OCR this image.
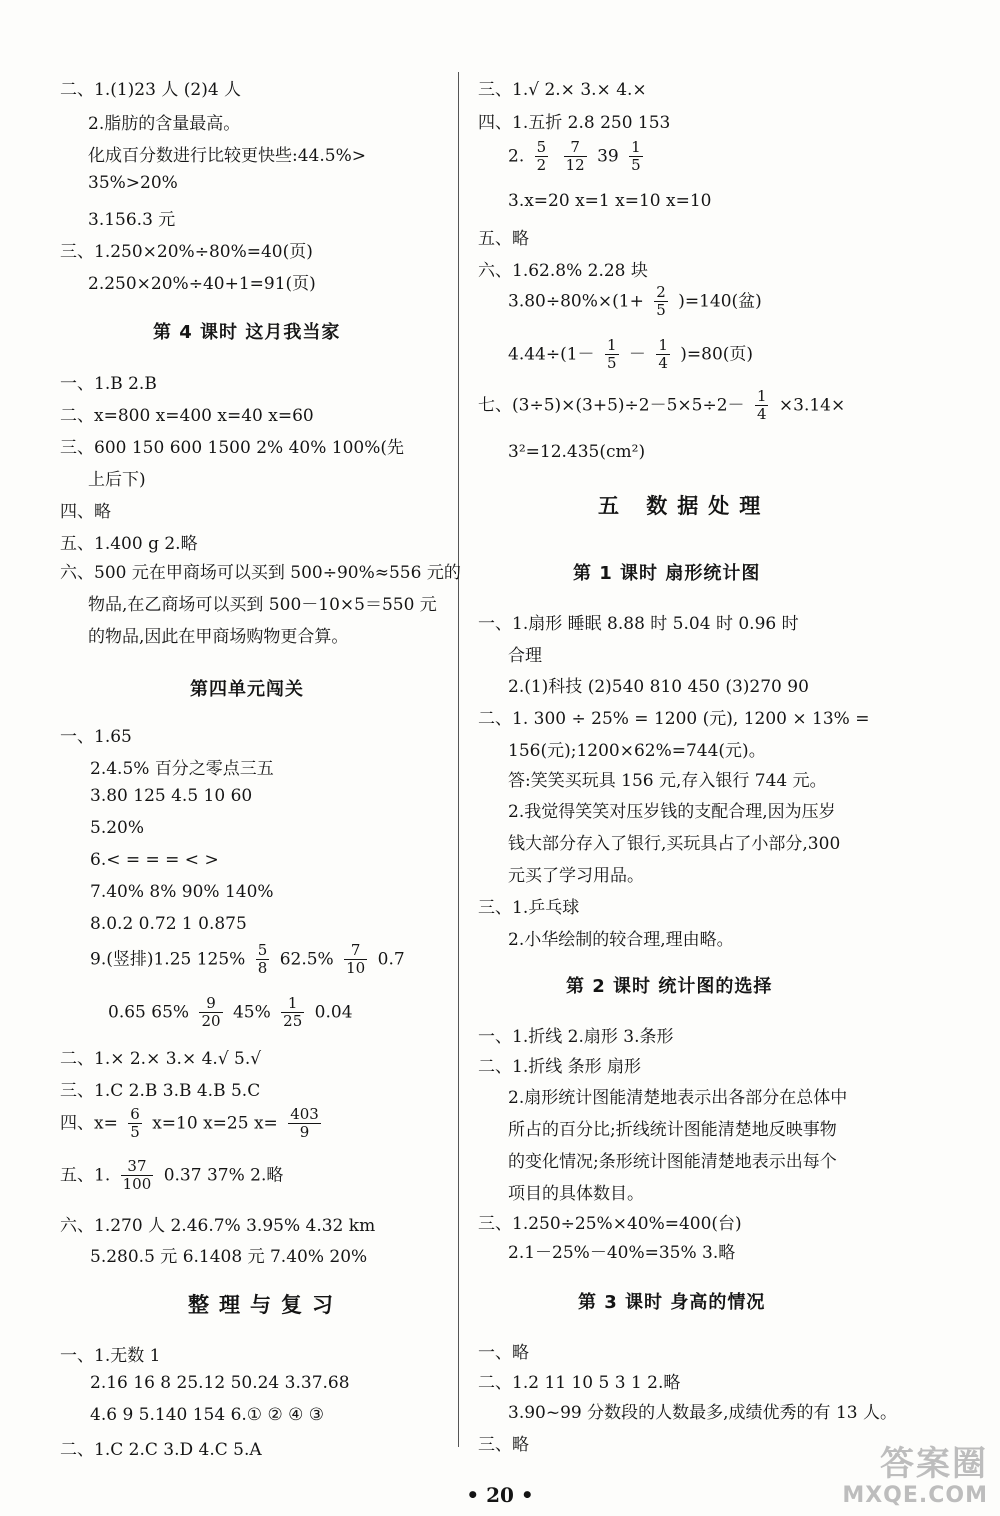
二、1.(1)23 人 (2)4 人
2.脂肪的含量最高。
化成百分数进行比较更快些:44.5%>
35%>20%
3.156.3 元
三、1.250×20%÷80%=40(页)
2.250×20%÷40+1=91(页)
第 4 课时 这月我当家
一、1.B 2.B
二、x=800 x=400 x=40 x=60
三、600 150 600 1500 2% 40% 100%(先
上后下)
四、略
五、1.400 g 2.略
六、500 元在甲商场可以买到 500÷90%≈556 元的
物品,在乙商场可以买到 500－10×5＝550 元
的物品,因此在甲商场购物更合算。
第四单元闯关
一、1.65
2.4.5% 百分之零点三五
3.80 125 4.5 10 60
5.20%
6.< = = = < >
7.40% 8% 90% 140%
8.0.2 0.72 1 0.875
9.(竖排)1.25 $125\% \frac{5}{8} 62.5\% \frac{7}{10} 0.7$
0.65 $65\% \frac{9}{20} 45\% \frac{1}{25} 0.04$
二、1.× 2.× 3.× 4.√ 5.√
三、1.C 2.B 3.B 4.B 5.C
四、$x= \frac{6}{5} x=10$ x=25 $x= \frac{403}{9}$
五、1. $\frac{37}{100} 0.37$ 37% 2.略
六、1.270 人 2.46.7% 3.95% 4.32 km
5.280.5 元 6.1408 元 7.40% 20%
整理与复习
一、1.无数 1
2.16 16 8 25.12 50.24 3.37.68
4.6 9 5.140 154 6.① ② ④ ③
二、1.C 2.C 3.D 4.C 5.A
三、1.√ 2.× 3.× 4.×
四、1.五折 2.8 250 153
2. $\frac{5}{2}$
$\frac{7}{12} 39 \frac{1}{5}$
3.x=20 x=1 x=10 x=10
五、略
六、1.62.8% 2.28 块
$3.80\div 80\%\times(1+ \frac{2}{5} )=140$(盆)
$4.44\div(1- \frac{1}{5} - \frac{1}{4} )=80$(页)
七、$(3\div 5)\times(3+5)\div 2-5\times 5\div 2- \frac{1}{4} \times 3.14\times$
3²=12.435(cm²)
五 数据处理
第 1 课时 扇形统计图
一、1.扇形 睡眠 8.88 时 5.04 时 0.96 时
合理
2.(1)科技 (2)540 810 450 (3)270 90
二、1. 300 ÷ 25% = 1200 (元), 1200 × 13% =
156(元);1200×62%=744(元)。
答:笑笑买玩具 156 元,存入银行 744 元。
2.我觉得笑笑对压岁钱的支配合理,因为压岁
钱大部分存入了银行,买玩具占了小部分,300
元买了学习用品。
三、1.乒乓球
2.小华绘制的较合理,理由略。
第 2 课时 统计图的选择
一、1.折线 2.扇形 3.条形
二、1.折线 条形 扇形
2.扇形统计图能清楚地表示出各部分在总体中
所占的百分比;折线统计图能清楚地反映事物
的变化情况;条形统计图能清楚地表示出每个
项目的具体数目。
三、1.250÷25%×40%=400(台)
2.1－25%－40%=35% 3.略
第 3 课时 身高的情况
一、略
二、1.2 11 10 5 3 1 2.略
3.90~99 分数段的人数最多,成绩优秀的有 13 人。
三、略
• 20 •
答案圈
MXQE.COM
